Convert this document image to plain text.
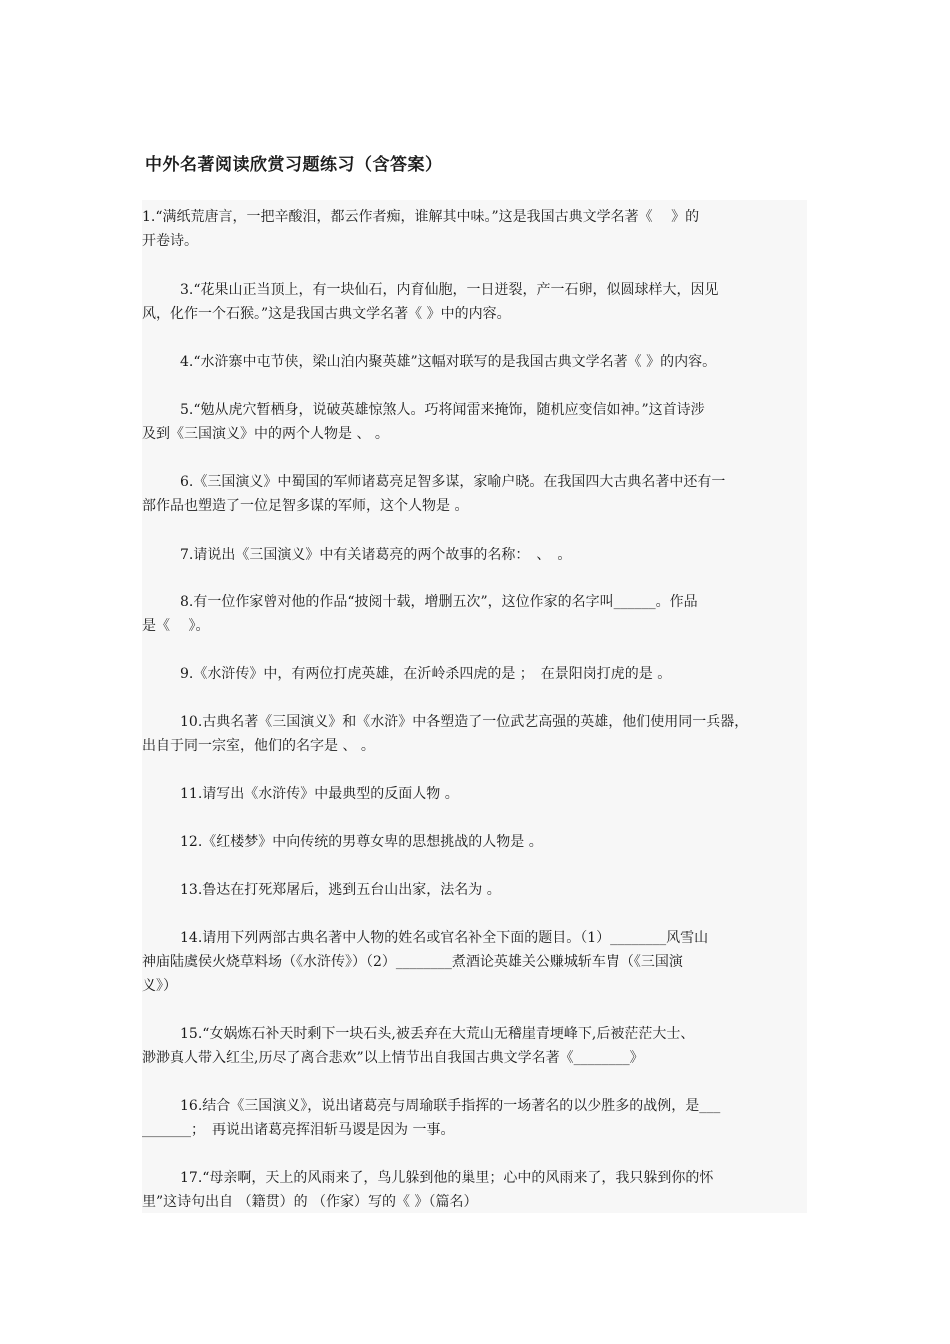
中外名著阅读欣赏习题练习（含答案）
1.“满纸荒唐言，一把辛酸泪，都云作者痴，谁解其中味。”这是我国古典文学名著《　 》的
开卷诗。
3.“花果山正当顶上，有一块仙石，内育仙胞，一日迸裂，产一石卵，似圆球样大，因见
风，化作一个石猴。”这是我国古典文学名著《 》中的内容。
4.“水浒寨中屯节侠，梁山泊内聚英雄”这幅对联写的是我国古典文学名著《 》的内容。
5.“勉从虎穴暂栖身，说破英雄惊煞人。巧将闻雷来掩饰，随机应变信如神。”这首诗涉
及到《三国演义》中的两个人物是 、 。
6.《三国演义》中蜀国的军师诸葛亮足智多谋，家喻户晓。在我国四大古典名著中还有一
部作品也塑造了一位足智多谋的军师，这个人物是 。
7.请说出《三国演义》中有关诸葛亮的两个故事的名称：　、　。
8.有一位作家曾对他的作品“披阅十载，增删五次”，这位作家的名字叫______。作品
是《　 》。
9.《水浒传》中，有两位打虎英雄，在沂岭杀四虎的是 ；　在景阳岗打虎的是 。
10.古典名著《三国演义》和《水浒》中各塑造了一位武艺高强的英雄，他们使用同一兵器，
出自于同一宗室，他们的名字是 、 。
11.请写出《水浒传》中最典型的反面人物 。
12.《红楼梦》中向传统的男尊女卑的思想挑战的人物是 。
13.鲁达在打死郑屠后，逃到五台山出家，法名为 。
14.请用下列两部古典名著中人物的姓名或官名补全下面的题目。（1）________风雪山
神庙陆虞侯火烧草料场（《水浒传》）（2）________煮酒论英雄关公赚城斩车胄（《三国演
义》）
15.“女娲炼石补天时剩下一块石头,被丢弃在大荒山无稽崖青埂峰下,后被茫茫大士、
渺渺真人带入红尘,历尽了离合悲欢”以上情节出自我国古典文学名著《________》
16.结合《三国演义》，说出诸葛亮与周瑜联手指挥的一场著名的以少胜多的战例，是___
_______；　再说出诸葛亮挥泪斩马谡是因为 一事。
17.“母亲啊，天上的风雨来了，鸟儿躲到他的巢里；心中的风雨来了，我只躲到你的怀
里”这诗句出自 （籍贯）的 （作家）写的《 》（篇名）
